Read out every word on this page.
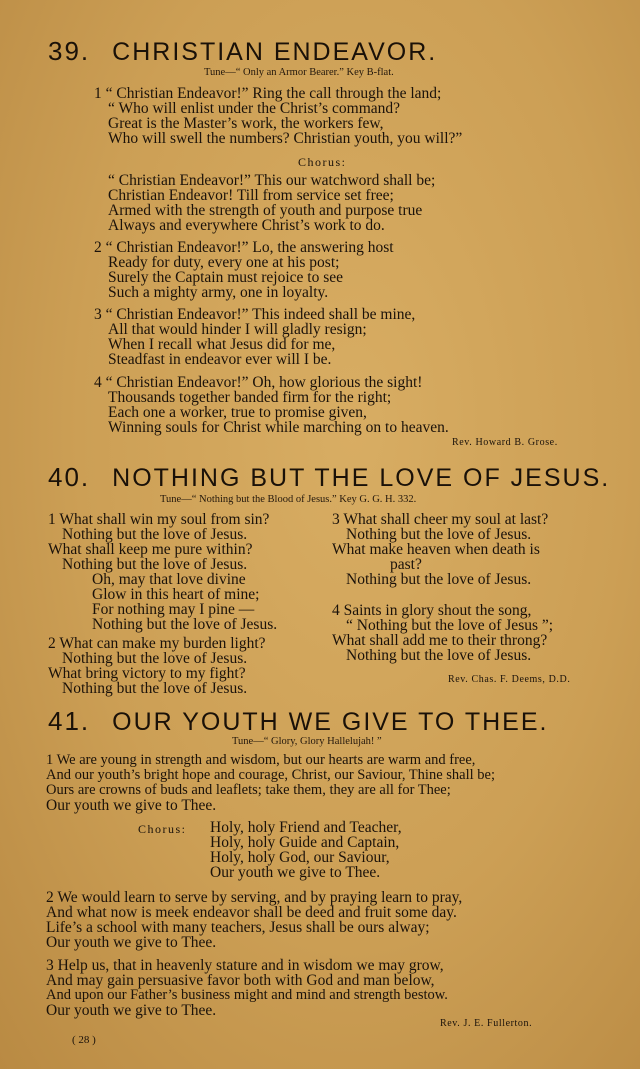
39. CHRISTIAN ENDEAVOR.
Tune—“ Only an Armor Bearer.” Key B-flat.
1 “ Christian Endeavor!” Ring the call through the land;
“ Who will enlist under the Christ’s command?
Great is the Master’s work, the workers few,
Who will swell the numbers? Christian youth, you will?”
Chorus:
“ Christian Endeavor!” This our watchword shall be;
Christian Endeavor! Till from service set free;
Armed with the strength of youth and purpose true
Always and everywhere Christ’s work to do.
2 “ Christian Endeavor!” Lo, the answering host
Ready for duty, every one at his post;
Surely the Captain must rejoice to see
Such a mighty army, one in loyalty.
3 “ Christian Endeavor!” This indeed shall be mine,
All that would hinder I will gladly resign;
When I recall what Jesus did for me,
Steadfast in endeavor ever will I be.
4 “ Christian Endeavor!” Oh, how glorious the sight!
Thousands together banded firm for the right;
Each one a worker, true to promise given,
Winning souls for Christ while marching on to heaven.
Rev. Howard B. Grose.
40. NOTHING BUT THE LOVE OF JESUS.
Tune—“ Nothing but the Blood of Jesus.” Key G. G. H. 332.
1 What shall win my soul from sin?
Nothing but the love of Jesus.
What shall keep me pure within?
Nothing but the love of Jesus.
Oh, may that love divine
Glow in this heart of mine;
For nothing may I pine —
Nothing but the love of Jesus.
2 What can make my burden light?
Nothing but the love of Jesus.
What bring victory to my fight?
Nothing but the love of Jesus.
3 What shall cheer my soul at last?
Nothing but the love of Jesus.
What make heaven when death is
past?
Nothing but the love of Jesus.
4 Saints in glory shout the song,
“ Nothing but the love of Jesus ”;
What shall add me to their throng?
Nothing but the love of Jesus.
Rev. Chas. F. Deems, D.D.
41. OUR YOUTH WE GIVE TO THEE.
Tune—“ Glory, Glory Hallelujah! ”
1 We are young in strength and wisdom, but our hearts are warm and free,
And our youth’s bright hope and courage, Christ, our Saviour, Thine shall be;
Ours are crowns of buds and leaflets; take them, they are all for Thee;
Our youth we give to Thee.
Chorus: Holy, holy Friend and Teacher,
Holy, holy Guide and Captain,
Holy, holy God, our Saviour,
Our youth we give to Thee.
2 We would learn to serve by serving, and by praying learn to pray,
And what now is meek endeavor shall be deed and fruit some day.
Life’s a school with many teachers, Jesus shall be ours alway;
Our youth we give to Thee.
3 Help us, that in heavenly stature and in wisdom we may grow,
And may gain persuasive favor both with God and man below,
And upon our Father’s business might and mind and strength bestow.
Our youth we give to Thee.
Rev. J. E. Fullerton.
( 28 )
